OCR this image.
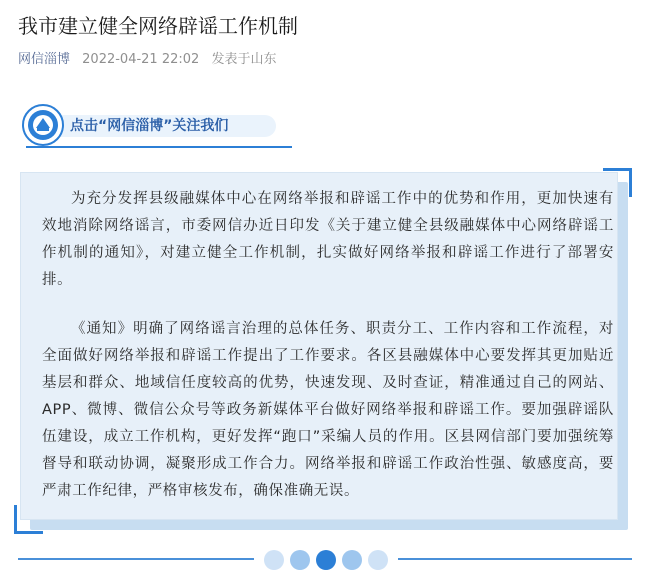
我市建立健全网络辟谣工作机制
网信淄博 2022-04-21 22:02 发表于山东
点击“网信淄博”关注我们

为充分发挥县级融媒体中心在网络举报和辟谣工作中的优势和作用，更加快速有效地消除网络谣言，市委网信办近日印发《关于建立健全县级融媒体中心网络辟谣工作机制的通知》，对建立健全工作机制，扎实做好网络举报和辟谣工作进行了部署安排。

《通知》明确了网络谣言治理的总体任务、职责分工、工作内容和工作流程，对全面做好网络举报和辟谣工作提出了工作要求。各区县融媒体中心要发挥其更加贴近基层和群众、地域信任度较高的优势，快速发现、及时查证，精准通过自己的网站、APP、微博、微信公众号等政务新媒体平台做好网络举报和辟谣工作。要加强辟谣队伍建设，成立工作机构，更好发挥“跑口”采编人员的作用。区县网信部门要加强统筹督导和联动协调，凝聚形成工作合力。网络举报和辟谣工作政治性强、敏感度高，要严肃工作纪律，严格审核发布，确保准确无误。
